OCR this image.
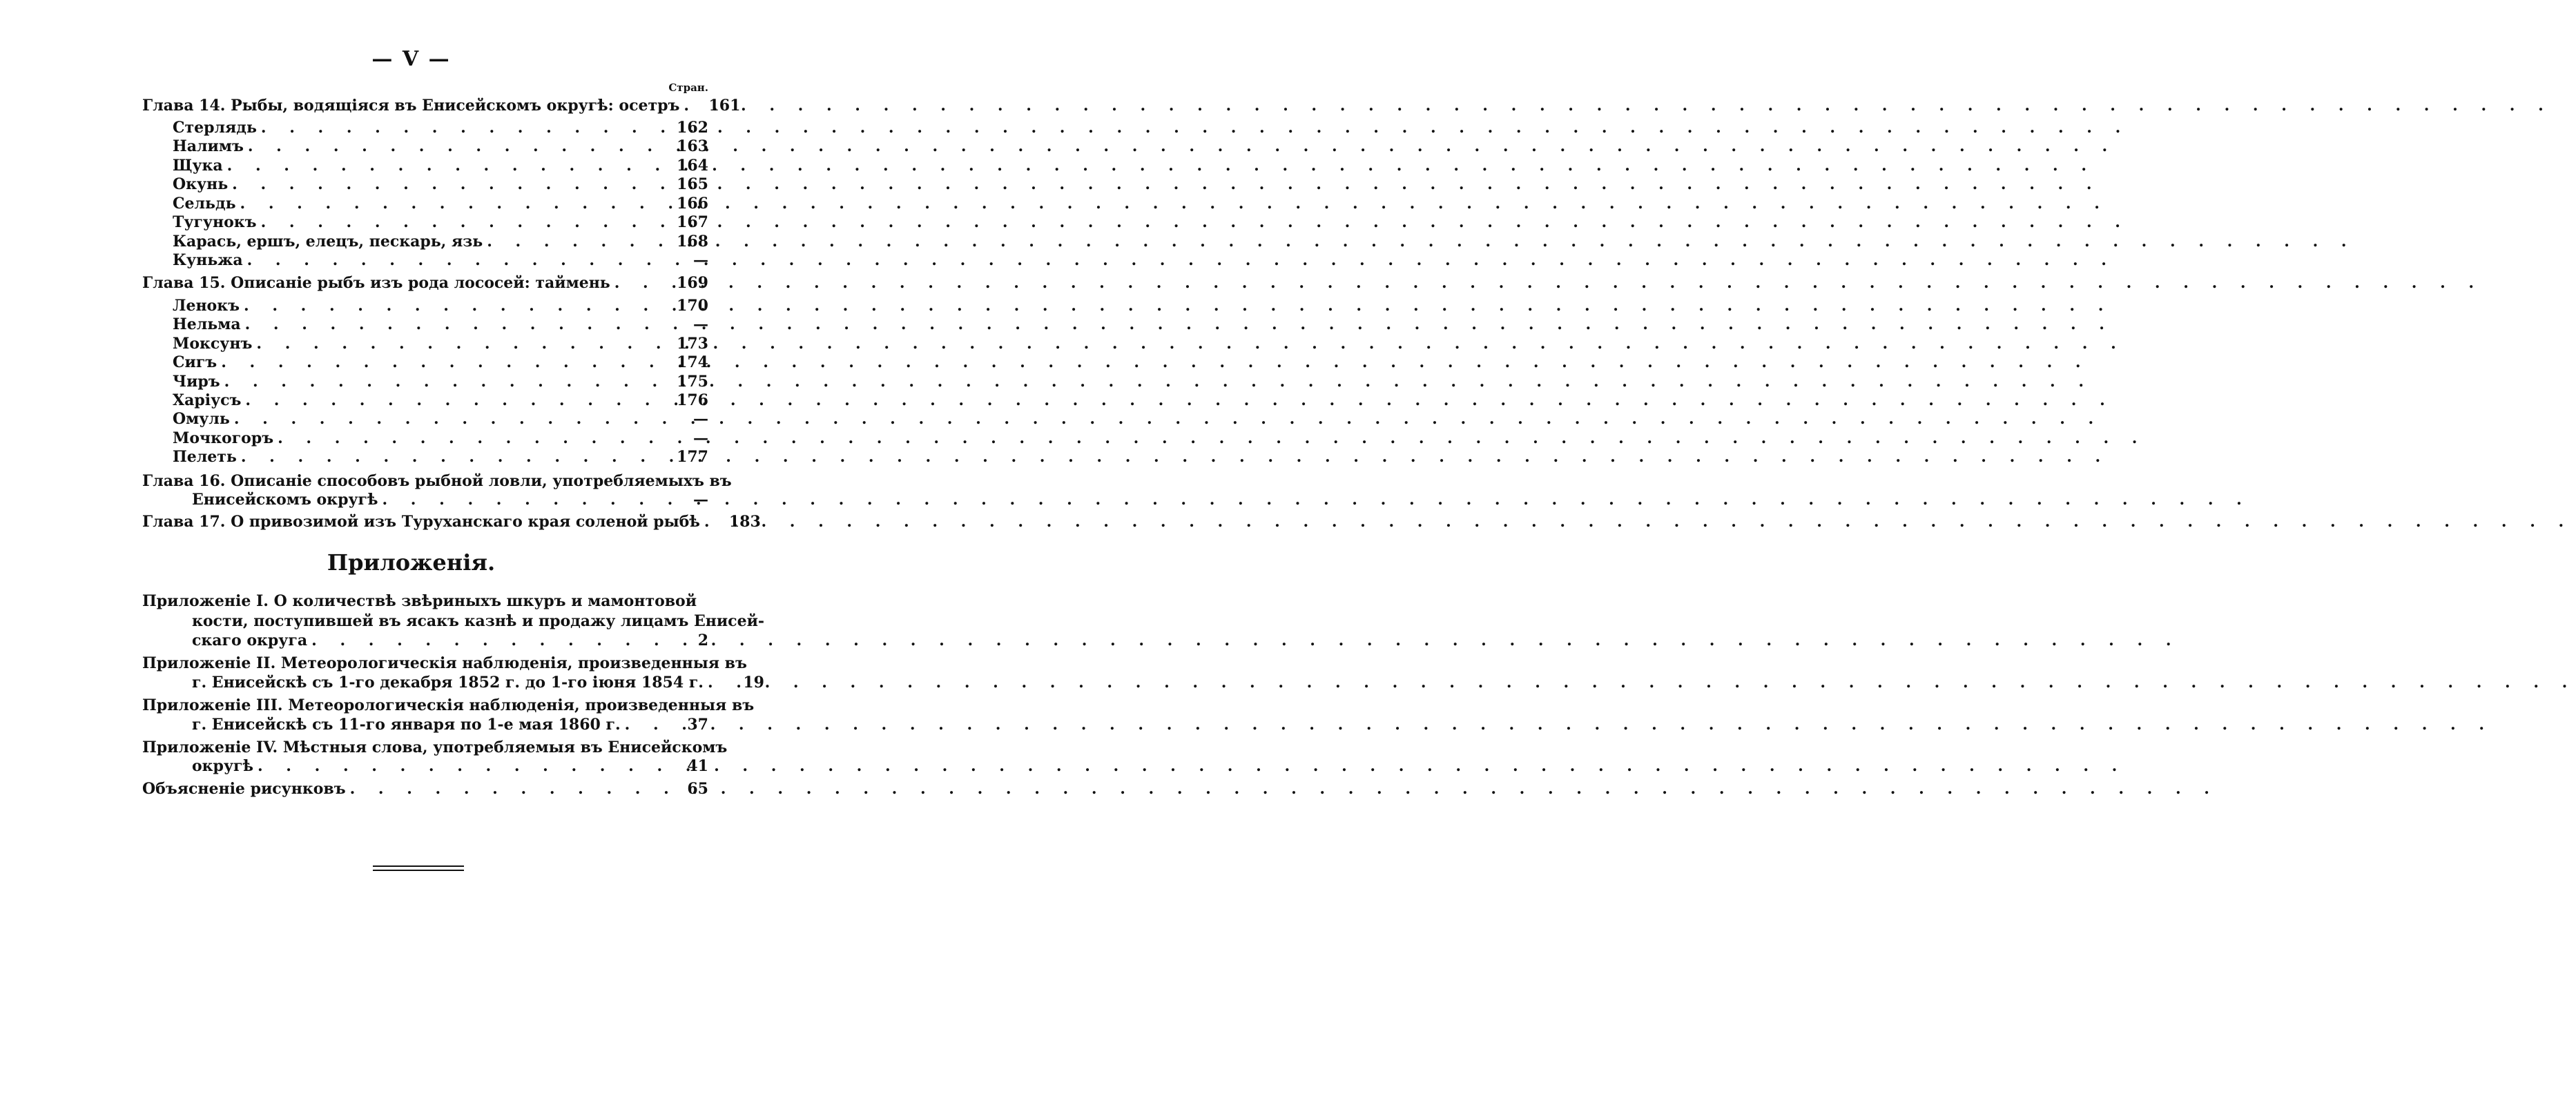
— V —
Стран.
Глава 14. Рыбы, водящіяся въ Енисейскомъ округѣ: осетръ . . .	161
Стерлядь . . .	162
Налимъ . . .	163
Щука . . .	164
Окунь . . .	165
Сельдь . . .	166
Тугунокъ . . .	167
Карась, ершъ, елецъ, пескарь, язь . . .	168
Куньжа . . .	—
Глава 15. Описаніе рыбъ изъ рода лососей: таймень . . .	169
Ленокъ . . .	170
Нельма . . .	—
Моксунъ . . .	173
Сигъ . . .	174
Чиръ . . .	175
Харіусъ . . .	176
Омуль . . .	—
Мочкогоръ . . .	—
Пелеть . . .	177
Глава 16. Описаніе способовъ рыбной ловли, употребляемыхъ въ
Енисейскомъ округѣ . . .	—
Глава 17. О привозимой изъ Туруханскаго края соленой рыбѣ . . .	183
Приложенія.
Приложеніе I. О количествѣ звѣриныхъ шкуръ и мамонтовой
кости, поступившей въ ясакъ казнѣ и продажу лицамъ Енисей-
скаго округа . . .	2
Приложеніе II. Метеорологическія наблюденія, произведенныя въ
г. Енисейскѣ съ 1-го декабря 1852 г. до 1-го іюня 1854 г. . . .	19
Приложеніе III. Метеорологическія наблюденія, произведенныя въ
г. Енисейскѣ съ 11-го января по 1-е мая 1860 г. . . .	37
Приложеніе IV. Мѣстныя слова, употребляемыя въ Енисейскомъ
округѣ . . .	41
Объясненіе рисунковъ . . .	65
